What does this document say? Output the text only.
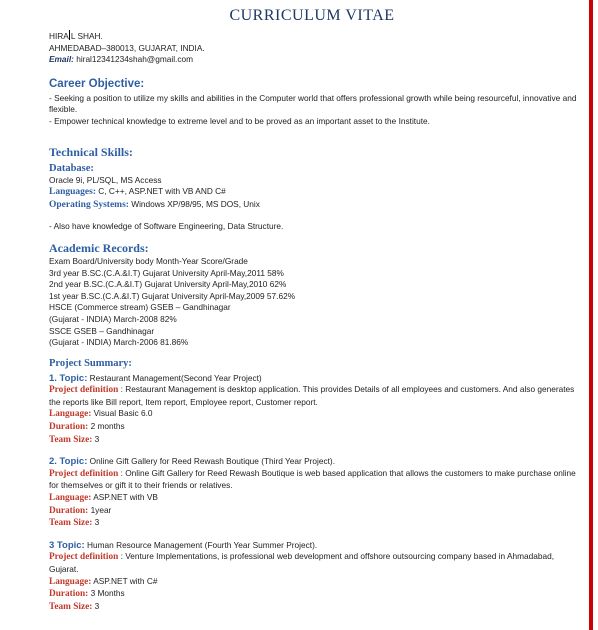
CURRICULUM VITAE
HIRA L SHAH.
AHMEDABAD–380013, GUJARAT, INDIA.
Email: hiral12341234shah@gmail.com
Career Objective:
- Seeking a position to utilize my skills and abilities in the Computer world that offers professional growth while being resourceful, innovative and flexible.
- Empower technical knowledge to extreme level and to be proved as an important asset to the Institute.
Technical Skills:
Database:
Oracle 9i, PL/SQL, MS Access
Languages: C, C++, ASP.NET with VB AND C#
Operating Systems: Windows XP/98/95, MS DOS, Unix
- Also have knowledge of Software Engineering, Data Structure.
Academic Records:
Exam Board/University body Month-Year Score/Grade
3rd year B.SC.(C.A.&I.T) Gujarat University April-May,2011 58%
2nd year B.SC.(C.A.&I.T) Gujarat University April-May,2010 62%
1st year B.SC.(C.A.&I.T) Gujarat University April-May,2009 57.62%
HSCE (Commerce stream) GSEB – Gandhinagar
(Gujarat - INDIA) March-2008 82%
SSCE GSEB – Gandhinagar
(Gujarat - INDIA) March-2006 81.86%
Project Summary:
1. Topic: Restaurant Management(Second Year Project)
Project definition : Restaurant Management is desktop application. This provides Details of all employees and customers. And also generates the reports like Bill report, Item report, Employee report, Customer report.
Language: Visual Basic 6.0
Duration: 2 months
Team Size: 3
2. Topic: Online Gift Gallery for Reed Rewash Boutique (Third Year Project).
Project definition : Online Gift Gallery for Reed Rewash Boutique is web based application that allows the customers to make purchase online for themselves or gift it to their friends or relatives.
Language: ASP.NET with VB
Duration: 1year
Team Size: 3
3 Topic: Human Resource Management (Fourth Year Summer Project).
Project definition : Venture Implementations, is professional web development and offshore outsourcing company based in Ahmadabad, Gujarat.
Language: ASP.NET with C#
Duration: 3 Months
Team Size: 3
